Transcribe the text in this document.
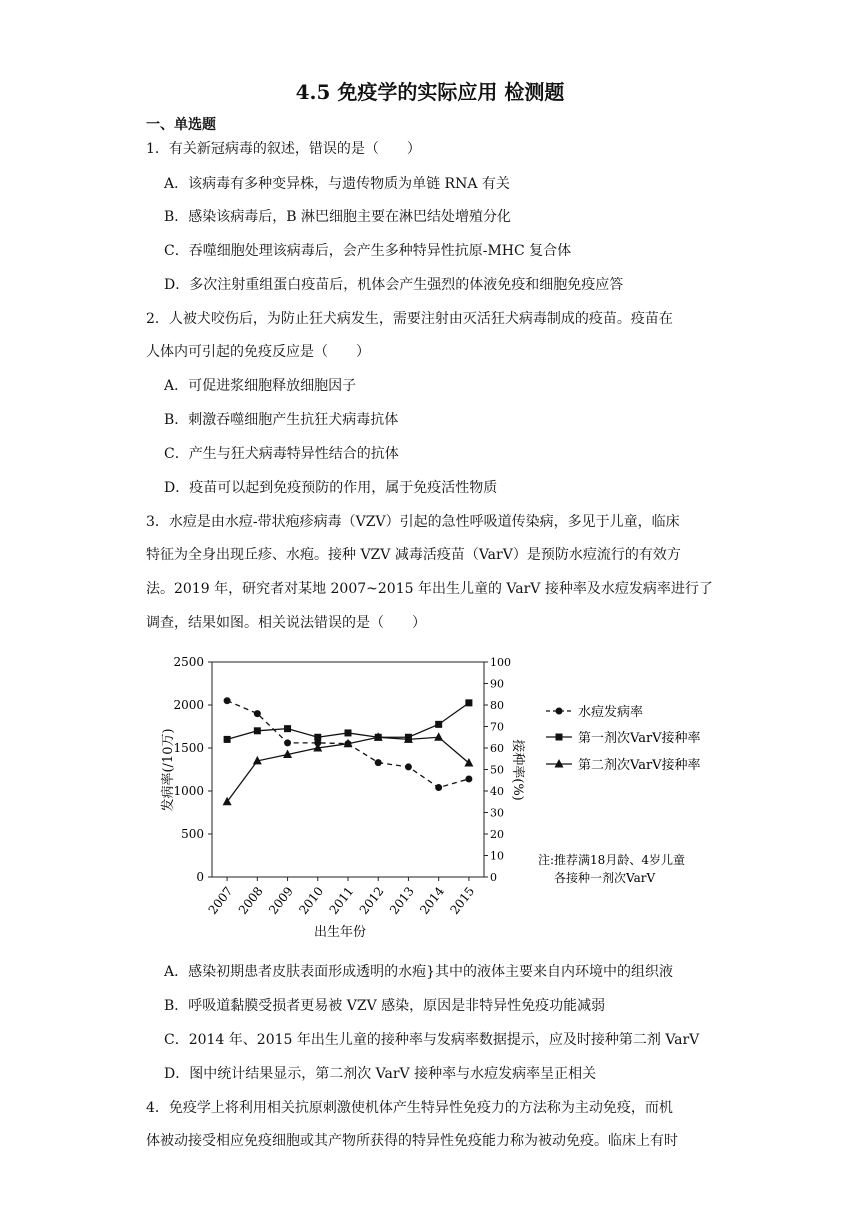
4.5 免疫学的实际应用 检测题
一、单选题
1．有关新冠病毒的叙述，错误的是（　　）
A．该病毒有多种变异株，与遗传物质为单链 RNA 有关
B．感染该病毒后，B 淋巴细胞主要在淋巴结处增殖分化
C．吞噬细胞处理该病毒后，会产生多种特异性抗原-MHC 复合体
D．多次注射重组蛋白疫苗后，机体会产生强烈的体液免疫和细胞免疫应答
2．人被犬咬伤后，为防止狂犬病发生，需要注射由灭活狂犬病毒制成的疫苗。疫苗在
人体内可引起的免疫反应是（　　）
A．可促进浆细胞释放细胞因子
B．刺激吞噬细胞产生抗狂犬病毒抗体
C．产生与狂犬病毒特异性结合的抗体
D．疫苗可以起到免疫预防的作用，属于免疫活性物质
3．水痘是由水痘-带状疱疹病毒（VZV）引起的急性呼吸道传染病，多见于儿童，临床
特征为全身出现丘疹、水疱。接种 VZV 减毒活疫苗（VarV）是预防水痘流行的有效方
法。2019 年，研究者对某地 2007~2015 年出生儿童的 VarV 接种率及水痘发病率进行了
调查，结果如图。相关说法错误的是（　　）
0
500
1000
1500
2000
2500
0
10
20
30
40
50
60
70
80
90
100
2007 2008 2009 2010 2011 2012 2013 2014 2015
出生年份
发病率(/10万)	接种率(%)
水痘发病率
第一剂次VarV接种率
第二剂次VarV接种率
注:推荐满18月龄、4岁儿童
各接种一剂次VarV
A．感染初期患者皮肤表面形成透明的水疱}其中的液体主要来自内环境中的组织液
B．呼吸道黏膜受损者更易被 VZV 感染，原因是非特异性免疫功能减弱
C．2014 年、2015 年出生儿童的接种率与发病率数据提示，应及时接种第二剂 VarV
D．图中统计结果显示，第二剂次 VarV 接种率与水痘发病率呈正相关
4．免疫学上将利用相关抗原刺激使机体产生特异性免疫力的方法称为主动免疫，而机
体被动接受相应免疫细胞或其产物所获得的特异性免疫能力称为被动免疫。临床上有时
